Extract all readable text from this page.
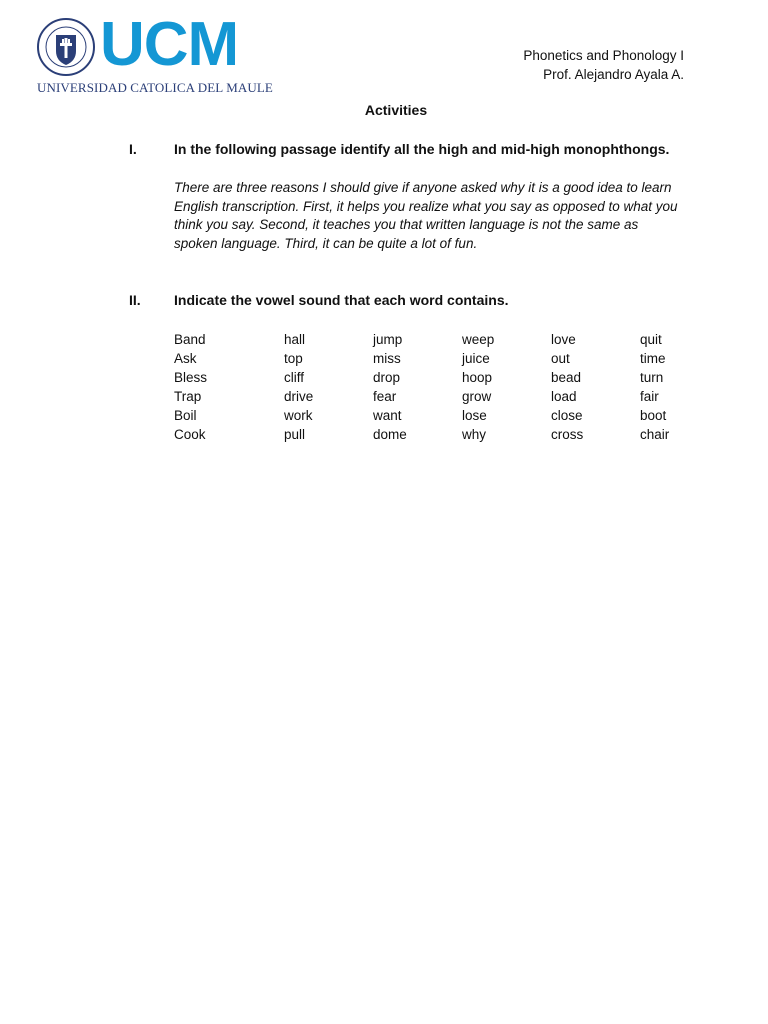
UCM
UNIVERSIDAD CATOLICA DEL MAULE
Phonetics and Phonology I
Prof. Alejandro Ayala A.
Activities
I.	In the following passage identify all the high and mid-high monophthongs.

There are three reasons I should give if anyone asked why it is a good idea to learn English transcription. First, it helps you realize what you say as opposed to what you think you say. Second, it teaches you that written language is not the same as spoken language. Third, it can be quite a lot of fun.

II. Indicate the vowel sound that each word contains.
Band	hall	jump	weep	love	quit
Ask	top	miss	juice	out	time
Bless	cliff	drop	hoop	bead	turn
Trap	drive	fear	grow	load	fair
Boil	work	want	lose	close	boot
Cook	pull	dome	why	cross	chair
